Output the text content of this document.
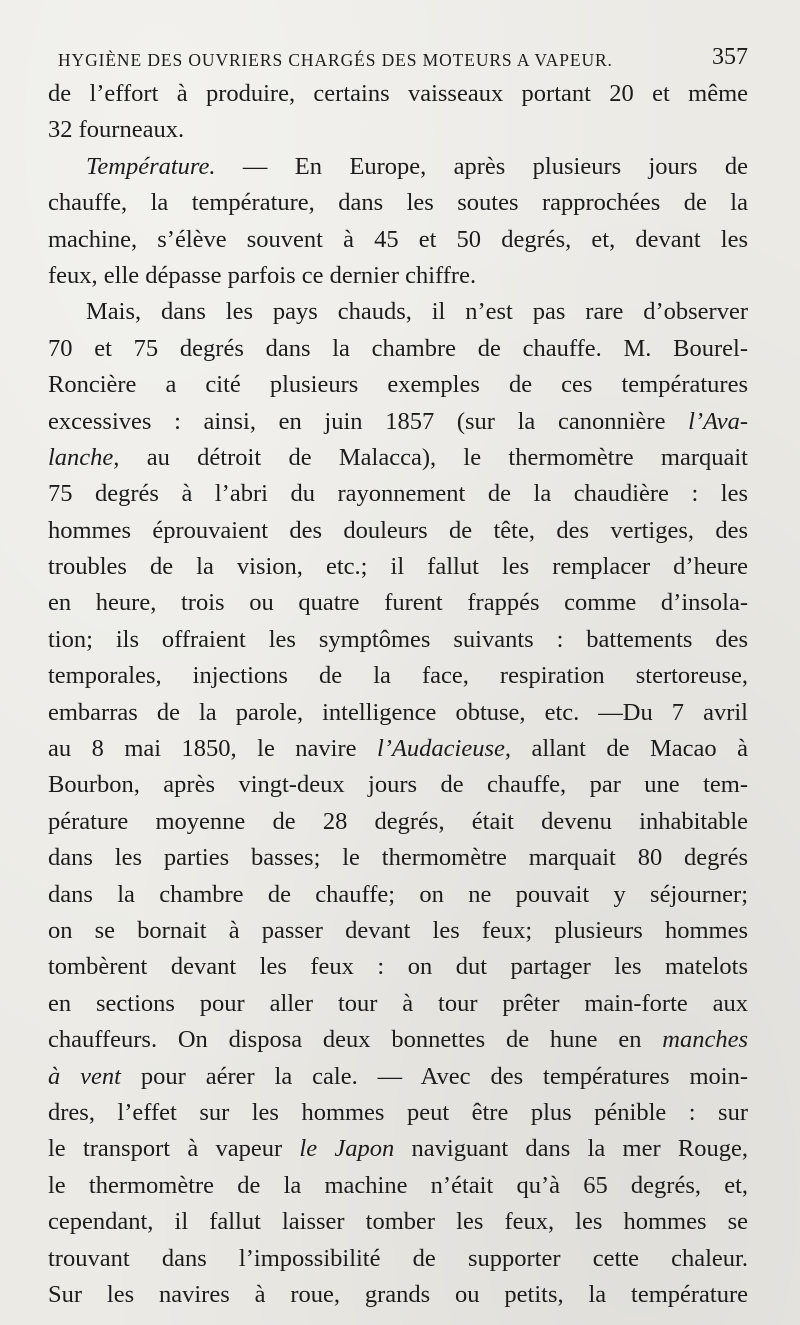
HYGIÈNE DES OUVRIERS CHARGÉS DES MOTEURS A VAPEUR.	357
de l’effort à produire, certains vaisseaux portant 20 et même
32 fourneaux.
Température. — En Europe, après plusieurs jours de
chauffe, la température, dans les soutes rapprochées de la
machine, s’élève souvent à 45 et 50 degrés, et, devant les
feux, elle dépasse parfois ce dernier chiffre.
Mais, dans les pays chauds, il n’est pas rare d’observer
70 et 75 degrés dans la chambre de chauffe. M. Bourel-
Roncière a cité plusieurs exemples de ces températures
excessives : ainsi, en juin 1857 (sur la canonnière l’Ava-
lanche, au détroit de Malacca), le thermomètre marquait
75 degrés à l’abri du rayonnement de la chaudière : les
hommes éprouvaient des douleurs de tête, des vertiges, des
troubles de la vision, etc.; il fallut les remplacer d’heure
en heure, trois ou quatre furent frappés comme d’insola-
tion; ils offraient les symptômes suivants : battements des
temporales, injections de la face, respiration stertoreuse,
embarras de la parole, intelligence obtuse, etc. —Du 7 avril
au 8 mai 1850, le navire l’Audacieuse, allant de Macao à
Bourbon, après vingt-deux jours de chauffe, par une tem-
pérature moyenne de 28 degrés, était devenu inhabitable
dans les parties basses; le thermomètre marquait 80 degrés
dans la chambre de chauffe; on ne pouvait y séjourner;
on se bornait à passer devant les feux; plusieurs hommes
tombèrent devant les feux : on dut partager les matelots
en sections pour aller tour à tour prêter main-forte aux
chauffeurs. On disposa deux bonnettes de hune en manches
à vent pour aérer la cale. — Avec des températures moin-
dres, l’effet sur les hommes peut être plus pénible : sur
le transport à vapeur le Japon naviguant dans la mer Rouge,
le thermomètre de la machine n’était qu’à 65 degrés, et,
cependant, il fallut laisser tomber les feux, les hommes se
trouvant dans l’impossibilité de supporter cette chaleur.
Sur les navires à roue, grands ou petits, la température
